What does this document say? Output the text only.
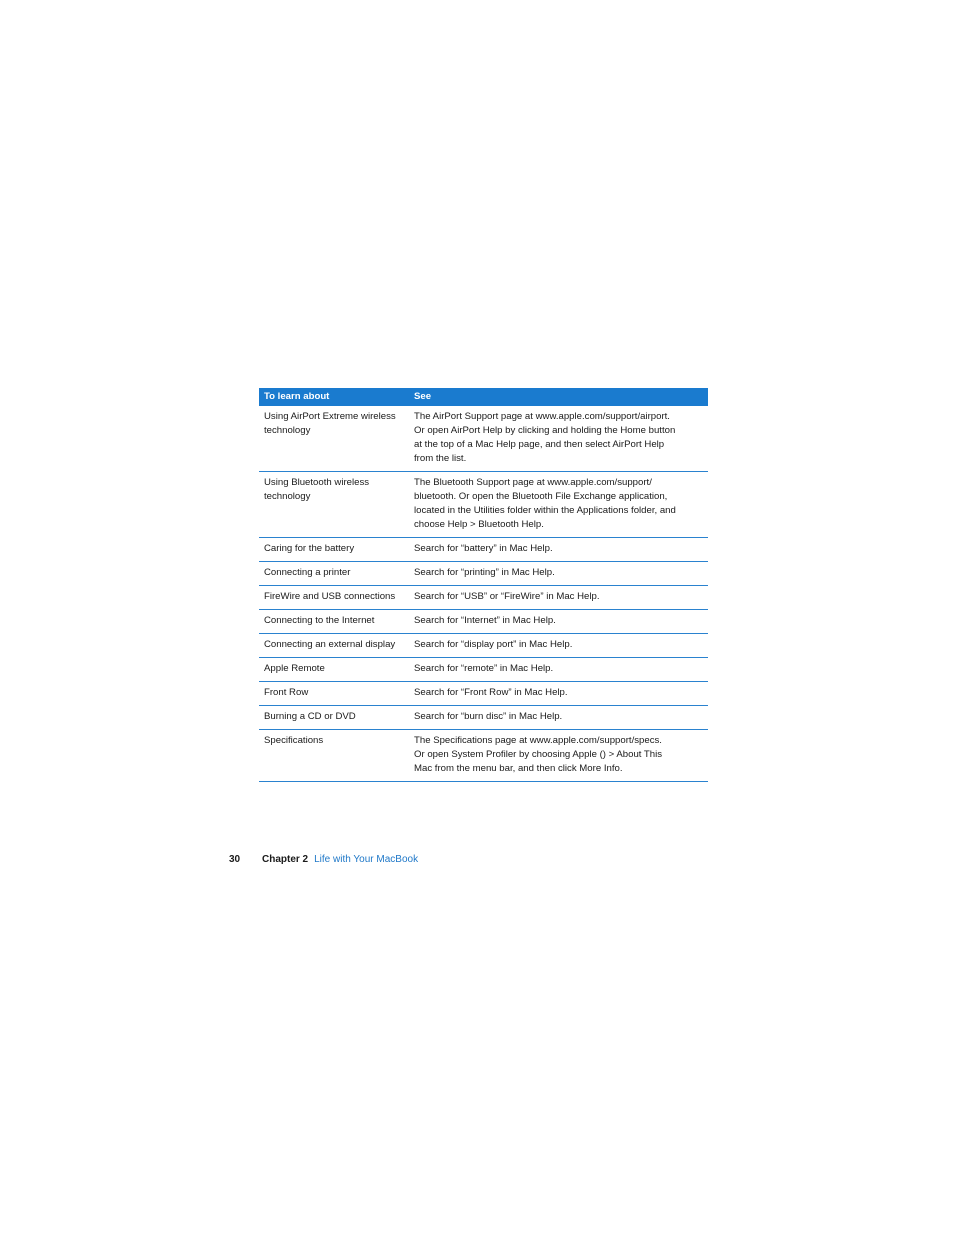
To learn about	See
Using AirPort Extreme wireless
technology	The AirPort Support page at www.apple.com/support/airport.
Or open AirPort Help by clicking and holding the Home button
at the top of a Mac Help page, and then select AirPort Help
from the list.
Using Bluetooth wireless
technology	The Bluetooth Support page at www.apple.com/support/
bluetooth. Or open the Bluetooth File Exchange application,
located in the Utilities folder within the Applications folder, and
choose Help > Bluetooth Help.
Caring for the battery	Search for “battery” in Mac Help.
Connecting a printer	Search for “printing” in Mac Help.
FireWire and USB connections	Search for “USB” or “FireWire” in Mac Help.
Connecting to the Internet	Search for “Internet” in Mac Help.
Connecting an external display	Search for “display port” in Mac Help.
Apple Remote	Search for “remote” in Mac Help.
Front Row	Search for “Front Row” in Mac Help.
Burning a CD or DVD	Search for “burn disc” in Mac Help.
Specifications	The Specifications page at www.apple.com/support/specs.
Or open System Profiler by choosing Apple () > About This
Mac from the menu bar, and then click More Info.
30 Chapter 2 Life with Your MacBook
